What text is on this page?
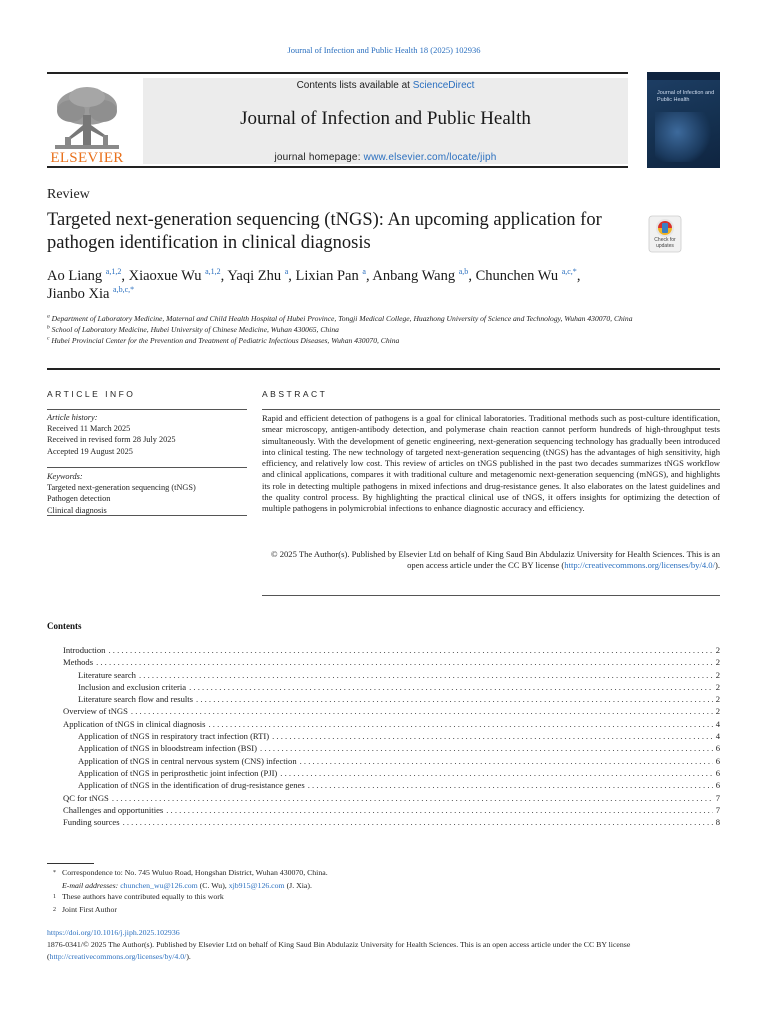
Journal of Infection and Public Health 18 (2025) 102936
ELSEVIER
Contents lists available at ScienceDirect
Journal of Infection and Public Health
journal homepage: www.elsevier.com/locate/jiph
Journal of Infection and Public Health
Review
Targeted next-generation sequencing (tNGS): An upcoming application for pathogen identification in clinical diagnosis	Check for updates
Ao Liang $^{a,1,2}$, Xiaoxue Wu $^{a,1,2}$, Yaqi Zhu $^a$, Lixian Pan $^a$, Anbang Wang $^{a,b}$, Chunchen Wu $^{a,c,*}$,
Jianbo Xia $^{a,b,c,*}$
$^a$ Department of Laboratory Medicine, Maternal and Child Health Hospital of Hubei Province, Tongji Medical College, Huazhong University of Science and Technology, Wuhan 430070, China
$^b$ School of Laboratory Medicine, Hubei University of Chinese Medicine, Wuhan 430065, China
$^c$ Hubei Provincial Center for the Prevention and Treatment of Pediatric Infectious Diseases, Wuhan 430070, China
ARTICLE INFO
Article history:
Received 11 March 2025
Received in revised form 28 July 2025
Accepted 19 August 2025
Keywords:
Targeted next-generation sequencing (tNGS)
Pathogen detection
Clinical diagnosis
ABSTRACT
Rapid and efficient detection of pathogens is a goal for clinical laboratories. Traditional methods such as post-culture identification, smear microscopy, antigen-antibody detection, and polymerase chain reaction cannot perform hundreds of high-throughput tests simultaneously. With the development of genetic engineering, next-generation sequencing technology has gradually been introduced into clinical testing. The new technology of targeted next-generation sequencing (tNGS) has the advantages of high sensitivity, high efficiency, and relatively low cost. This review of articles on tNGS published in the past two decades summarizes tNGS workflow and clinical applications, compares it with traditional culture and metagenomic next-generation sequencing (mNGS), and highlights its role in detecting multiple pathogens in mixed infections and drug-resistance genes. It also elaborates on the latest guidelines and the quality control process. By highlighting the practical clinical use of tNGS, it offers insights for optimizing the detection of multiple pathogens in polymicrobial infections to enhance diagnostic accuracy and efficiency.
© 2025 The Author(s). Published by Elsevier Ltd on behalf of King Saud Bin Abdulaziz University for Health Sciences. This is an open access article under the CC BY license (http://creativecommons.org/licenses/by/4.0/).
Contents
Introduction . . .	2
Methods . . .	2
Literature search . . .	2
Inclusion and exclusion criteria . . .	2
Literature search flow and results . . .	2
Overview of tNGS . . .	2
Application of tNGS in clinical diagnosis . . .	4
Application of tNGS in respiratory tract infection (RTI) . . .	4
Application of tNGS in bloodstream infection (BSI) . . .	6
Application of tNGS in central nervous system (CNS) infection . . .	6
Application of tNGS in periprosthetic joint infection (PJI) . . .	6
Application of tNGS in the identification of drug-resistance genes . . .	6
QC for tNGS . . .	7
Challenges and opportunities . . .	7
Funding sources . . .	8
* Correspondence to: No. 745 Wuluo Road, Hongshan District, Wuhan 430070, China.
E-mail addresses: chunchen_wu@126.com (C. Wu), xjb915@126.com (J. Xia).
1 These authors have contributed equally to this work
2 Joint First Author
https://doi.org/10.1016/j.jiph.2025.102936
1876-0341/© 2025 The Author(s). Published by Elsevier Ltd on behalf of King Saud Bin Abdulaziz University for Health Sciences. This is an open access article under the CC BY license (http://creativecommons.org/licenses/by/4.0/).
